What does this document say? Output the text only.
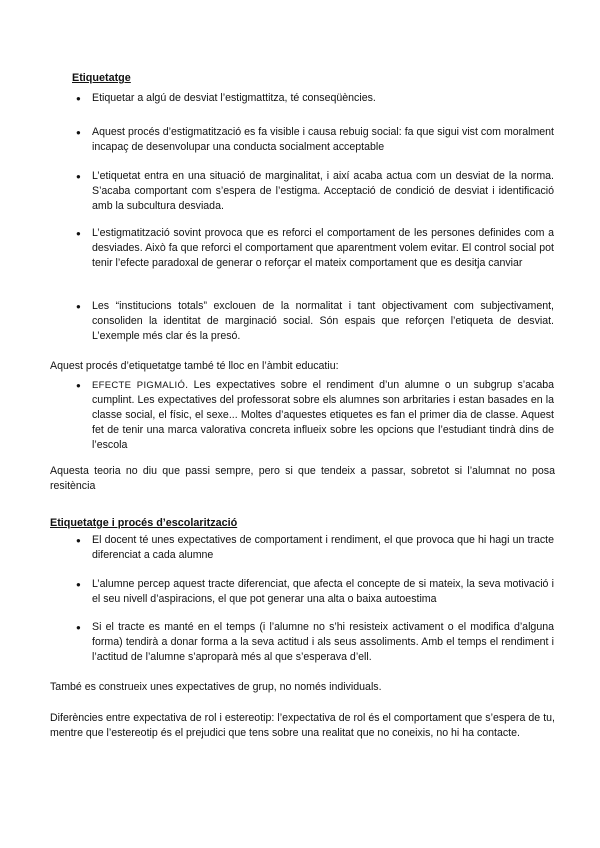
Etiquetatge
● Etiquetar a algú de desviat l’estigmattitza, té conseqüències.
● Aquest procés d’estigmatització es fa visible i causa rebuig social: fa que sigui vist com moralment incapaç de desenvolupar una conducta socialment acceptable
● L’etiquetat entra en una situació de marginalitat, i així acaba actua com un desviat de la norma. S’acaba comportant com s’espera de l’estigma. Acceptació de condició de desviat i identificació amb la subcultura desviada.
● L’estigmatització sovint provoca que es reforci el comportament de les persones definides com a desviades. Això fa que reforci el comportament que aparentment volem evitar. El control social pot tenir l’efecte paradoxal de generar o reforçar el mateix comportament que es desitja canviar
● Les “institucions totals” exclouen de la normalitat i tant objectivament com subjectivament, consoliden la identitat de marginació social. Són espais que reforçen l’etiqueta de desviat. L’exemple més clar és la presó.
Aquest procés d’etiquetatge també té lloc en l’àmbit educatiu:
● EFECTE PIGMALIÓ. Les expectatives sobre el rendiment d’un alumne o un subgrup s’acaba cumplint. Les expectatives del professorat sobre els alumnes son arbritaries i estan basades en la classe social, el físic, el sexe... Moltes d’aquestes etiquetes es fan el primer dia de classe. Aquest fet de tenir una marca valorativa concreta influeix sobre les opcions que l’estudiant tindrà dins de l’escola
Aquesta teoria no diu que passi sempre, pero si que tendeix a passar, sobretot si l’alumnat no posa resitència
Etiquetatge i procés d’escolarització
● El docent té unes expectatives de comportament i rendiment, el que provoca que hi hagi un tracte diferenciat a cada alumne
● L’alumne percep aquest tracte diferenciat, que afecta el concepte de si mateix, la seva motivació i el seu nivell d’aspiracions, el que pot generar una alta o baixa autoestima
● Si el tracte es manté en el temps (i l’alumne no s’hi resisteix activament o el modifica d’alguna forma) tendirà a donar forma a la seva actitud i als seus assoliments. Amb el temps el rendiment i l’actitud de l’alumne s’aproparà més al que s’esperava d’ell.
També es construeix unes expectatives de grup, no només individuals.
Diferències entre expectativa de rol i estereotip: l’expectativa de rol és el comportament que s’espera de tu, mentre que l’estereotip és el prejudici que tens sobre una realitat que no coneixis, no hi ha contacte.
